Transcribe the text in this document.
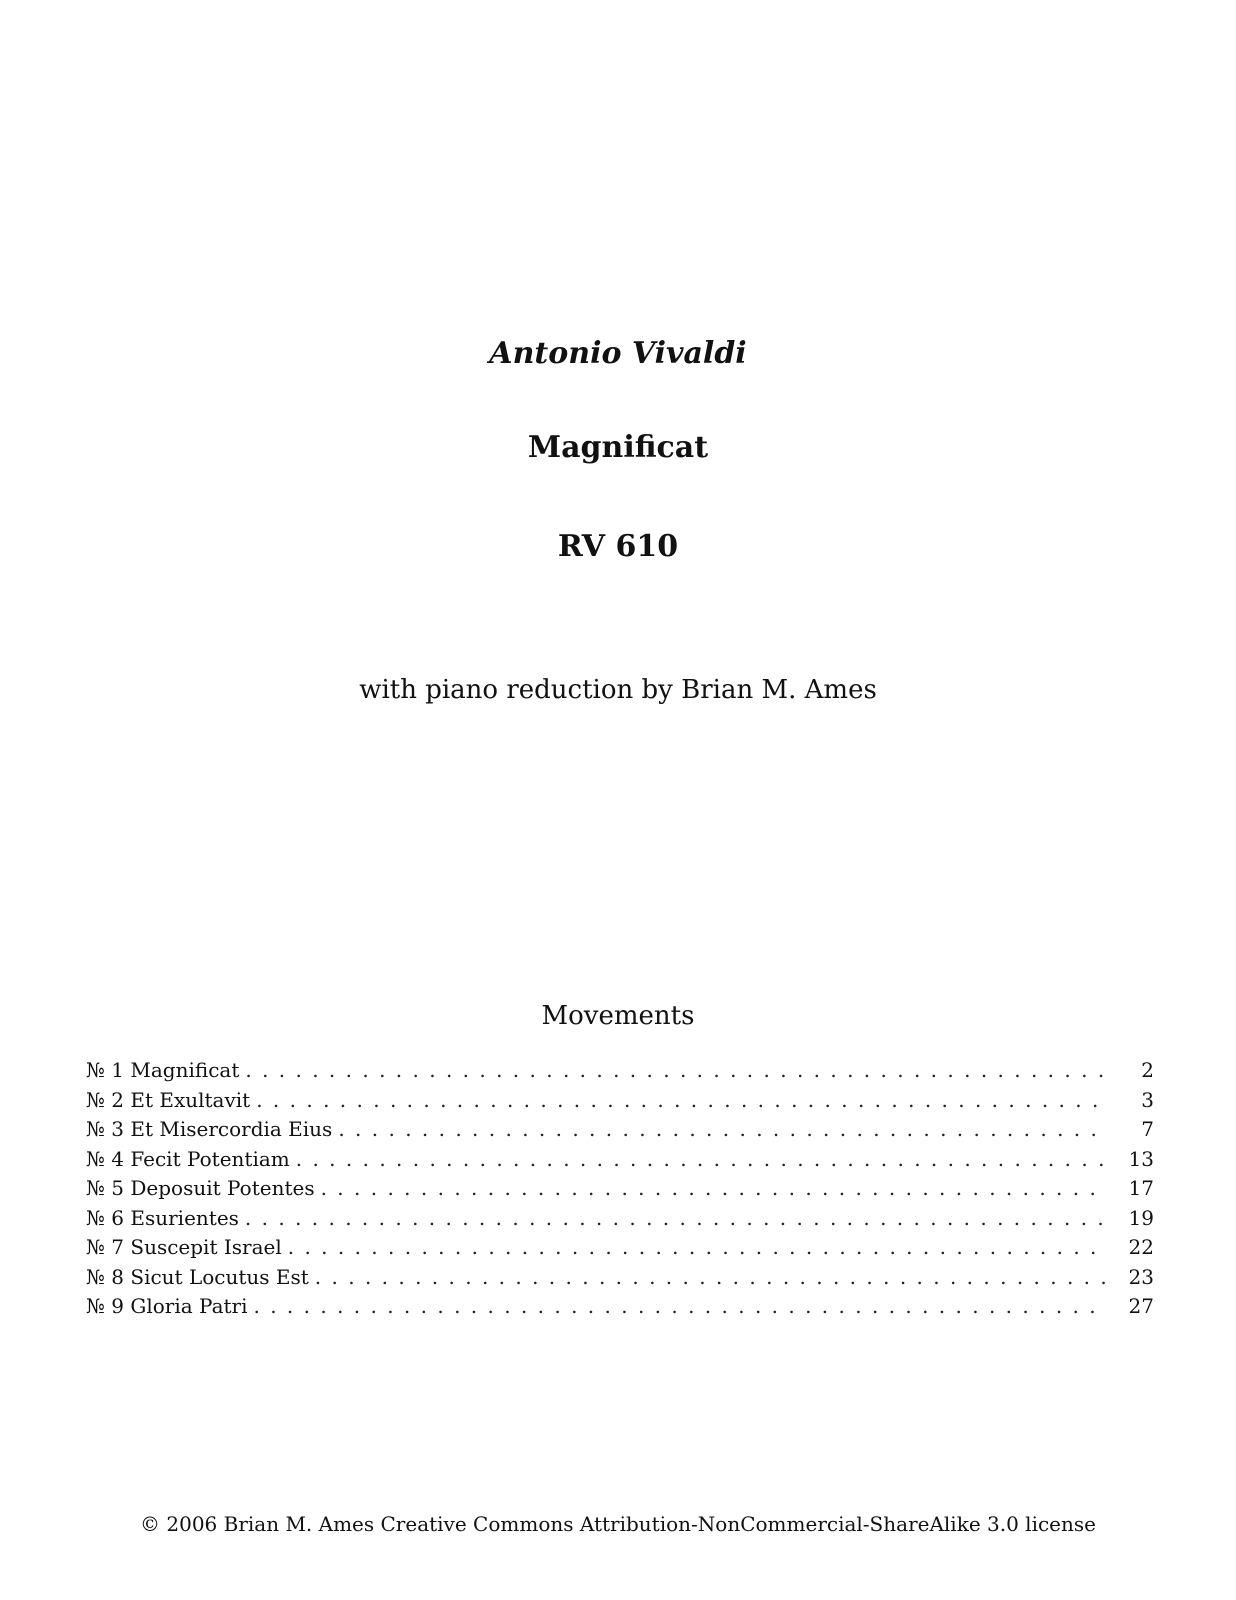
Antonio Vivaldi
Magnificat
RV 610
with piano reduction by Brian M. Ames
Movements
№ 1 Magnificat . . .	2
№ 2 Et Exultavit . . .	3
№ 3 Et Misercordia Eius . . .	7
№ 4 Fecit Potentiam . . .	13
№ 5 Deposuit Potentes . . .	17
№ 6 Esurientes . . .	19
№ 7 Suscepit Israel . . .	22
№ 8 Sicut Locutus Est . . .	23
№ 9 Gloria Patri . . .	27
© 2006 Brian M. Ames Creative Commons Attribution-NonCommercial-ShareAlike 3.0 license
